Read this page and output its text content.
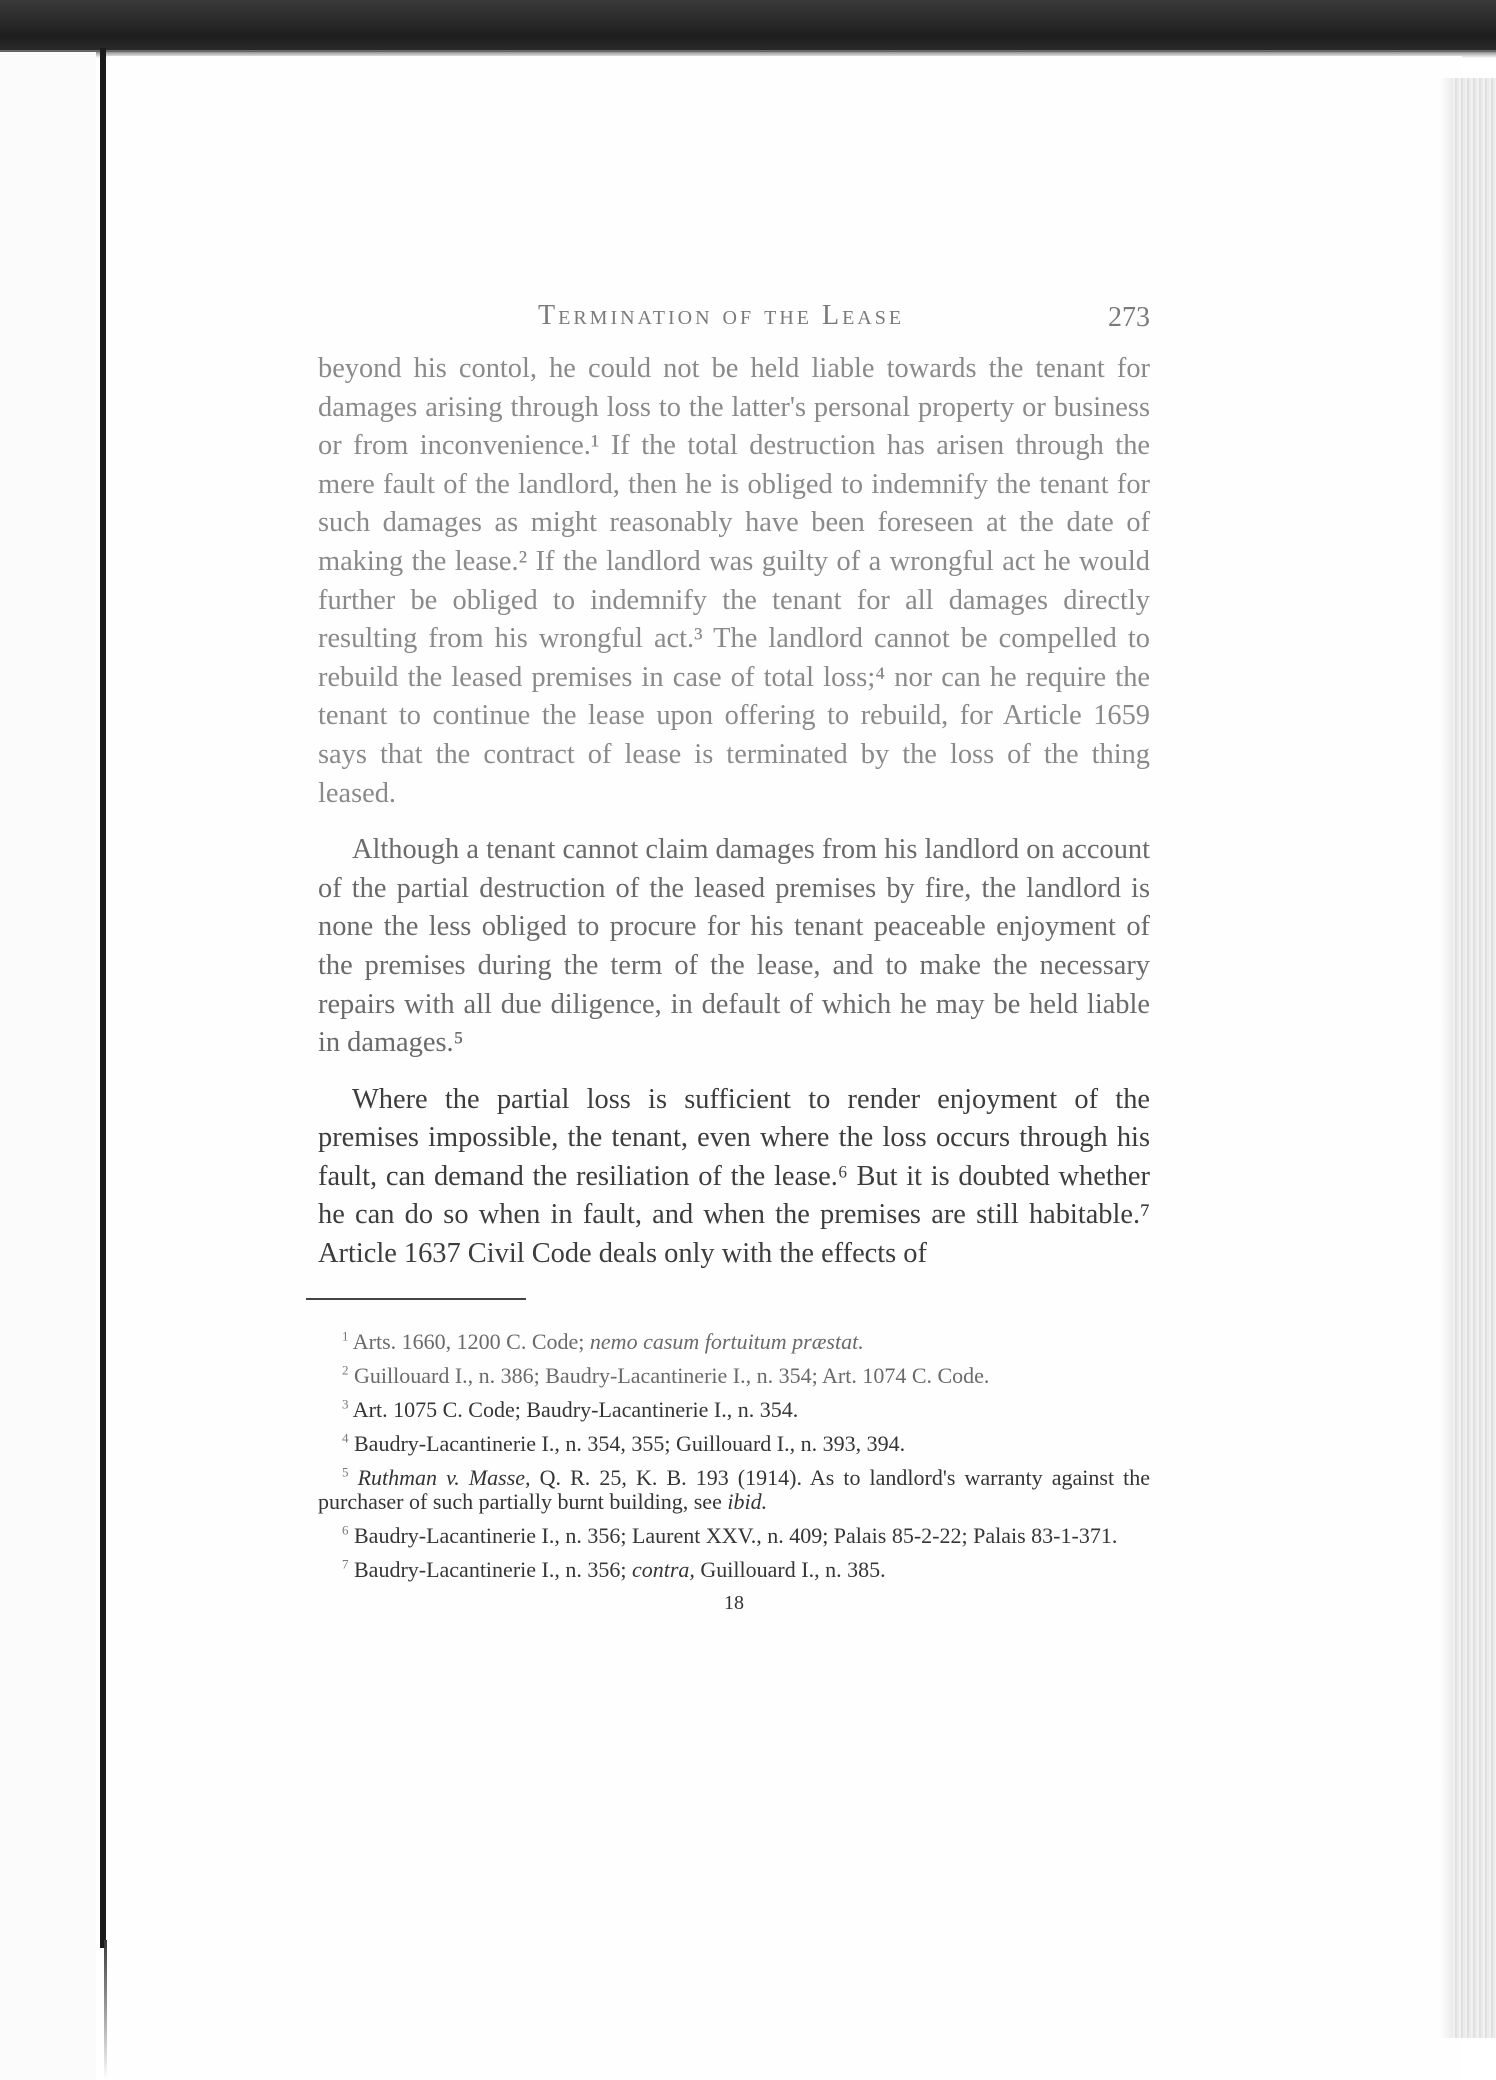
Termination of the Lease	273

beyond his contol, he could not be held liable towards the tenant for damages arising through loss to the latter's personal property or business or from inconvenience.¹ If the total destruction has arisen through the mere fault of the landlord, then he is obliged to indemnify the tenant for such damages as might reasonably have been foreseen at the date of making the lease.² If the landlord was guilty of a wrongful act he would further be obliged to indemnify the tenant for all damages directly resulting from his wrongful act.³ The landlord cannot be compelled to rebuild the leased premises in case of total loss;⁴ nor can he require the tenant to continue the lease upon offering to rebuild, for Article 1659 says that the contract of lease is terminated by the loss of the thing leased.

Although a tenant cannot claim damages from his landlord on account of the partial destruction of the leased premises by fire, the landlord is none the less obliged to procure for his tenant peaceable enjoyment of the premises during the term of the lease, and to make the necessary repairs with all due diligence, in default of which he may be held liable in damages.⁵

Where the partial loss is sufficient to render enjoyment of the premises impossible, the tenant, even where the loss occurs through his fault, can demand the resiliation of the lease.⁶ But it is doubted whether he can do so when in fault, and when the premises are still habitable.⁷ Article 1637 Civil Code deals only with the effects of

$^1$ Arts. 1660, 1200 C. Code; nemo casum fortuitum præstat.

$^2$ Guillouard I., n. 386; Baudry-Lacantinerie I., n. 354; Art. 1074 C. Code.

$^3$ Art. 1075 C. Code; Baudry-Lacantinerie I., n. 354.

$^4$ Baudry-Lacantinerie I., n. 354, 355; Guillouard I., n. 393, 394.

$^5$ Ruthman v. Masse, Q. R. 25, K. B. 193 (1914). As to landlord's warranty against the purchaser of such partially burnt building, see ibid.

$^6$ Baudry-Lacantinerie I., n. 356; Laurent XXV., n. 409; Palais 85-2-22; Palais 83-1-371.

$^7$ Baudry-Lacantinerie I., n. 356; contra, Guillouard I., n. 385.

18
